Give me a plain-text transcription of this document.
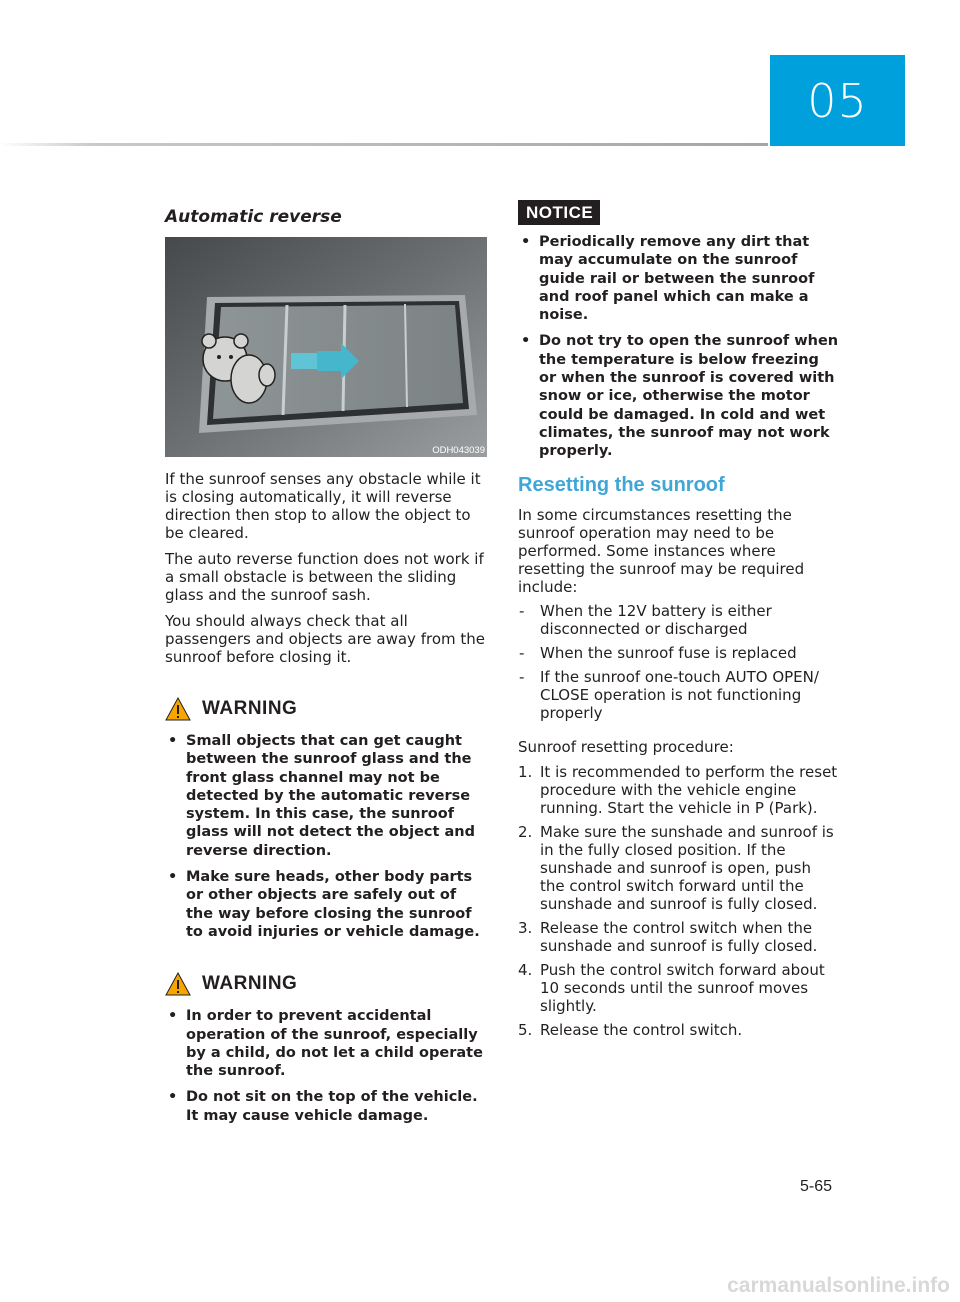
05
Automatic reverse
ODH043039

If the sunroof senses any obstacle while it is closing automatically, it will reverse direction then stop to allow the object to be cleared.

The auto reverse function does not work if a small obstacle is between the sliding glass and the sunroof sash.

You should always check that all passengers and objects are away from the sunroof before closing it.

WARNING
• Small objects that can get caught between the sunroof glass and the front glass channel may not be detected by the automatic reverse system. In this case, the sunroof glass will not detect the object and reverse direction.
• Make sure heads, other body parts or other objects are safely out of the way before closing the sunroof to avoid injuries or vehicle damage.
WARNING
• In order to prevent accidental operation of the sunroof, especially by a child, do not let a child operate the sunroof.
• Do not sit on the top of the vehicle. It may cause vehicle damage.
NOTICE
• Periodically remove any dirt that may accumulate on the sunroof guide rail or between the sunroof and roof panel which can make a noise.
• Do not try to open the sunroof when the temperature is below freezing or when the sunroof is covered with snow or ice, otherwise the motor could be damaged. In cold and wet climates, the sunroof may not work properly.
Resetting the sunroof

In some circumstances resetting the sunroof operation may need to be performed. Some instances where resetting the sunroof may be required include:

- When the 12V battery is either disconnected or discharged
- When the sunroof fuse is replaced
- If the sunroof one-touch AUTO OPEN/ CLOSE operation is not functioning properly

Sunroof resetting procedure:

1. It is recommended to perform the reset procedure with the vehicle engine running. Start the vehicle in P (Park).
2. Make sure the sunshade and sunroof is in the fully closed position. If the sunshade and sunroof is open, push the control switch forward until the sunshade and sunroof is fully closed.
3. Release the control switch when the sunshade and sunroof is fully closed.
4. Push the control switch forward about 10 seconds until the sunroof moves slightly.
5. Release the control switch.
5-65
carmanualsonline.info
